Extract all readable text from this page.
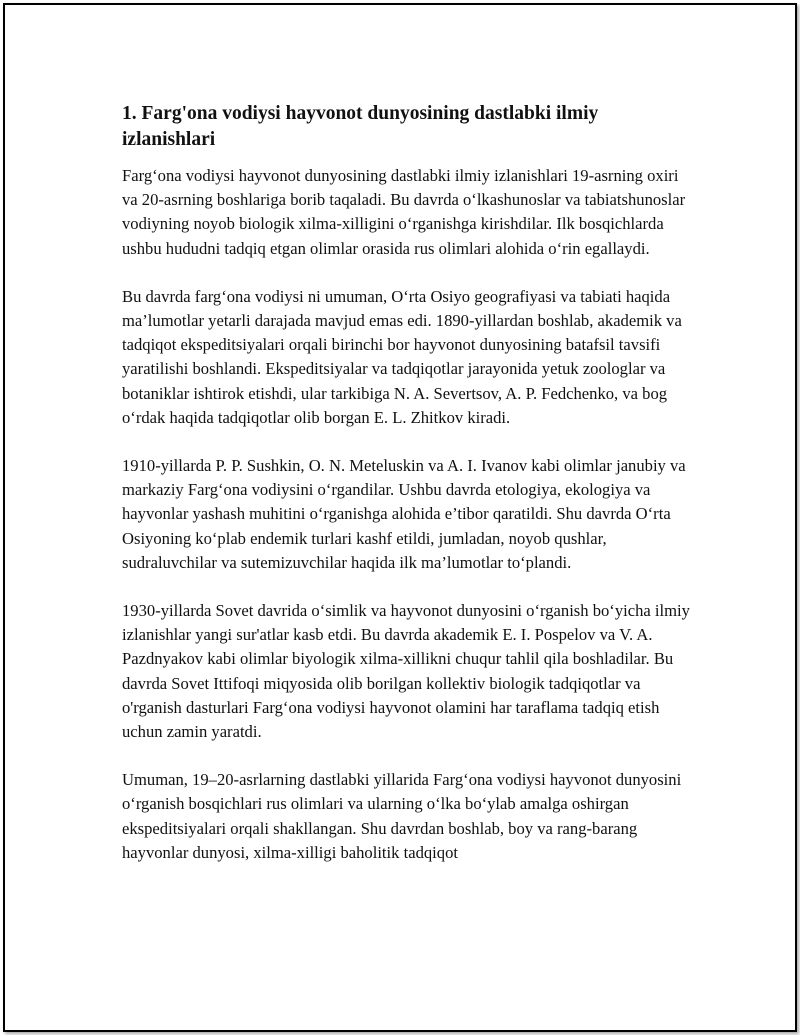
1. Farg'ona vodiysi hayvonot dunyosining dastlabki ilmiy izlanishlari

Farg‘ona vodiysi hayvonot dunyosining dastlabki ilmiy izlanishlari 19-asrning oxiri va 20-asrning boshlariga borib taqaladi. Bu davrda o‘lkashunoslar va tabiatshunoslar vodiyning noyob biologik xilma-xilligini o‘rganishga kirishdilar. Ilk bosqichlarda ushbu hududni tadqiq etgan olimlar orasida rus olimlari alohida o‘rin egallaydi.

Bu davrda farg‘ona vodiysi ni umuman, O‘rta Osiyo geografiyasi va tabiati haqida ma’lumotlar yetarli darajada mavjud emas edi. 1890-yillardan boshlab, akademik va tadqiqot ekspeditsiyalari orqali birinchi bor hayvonot dunyosining batafsil tavsifi yaratilishi boshlandi. Ekspeditsiyalar va tadqiqotlar jarayonida yetuk zoologlar va botaniklar ishtirok etishdi, ular tarkibiga N. A. Severtsov, A. P. Fedchenko, va bog o‘rdak haqida tadqiqotlar olib borgan E. L. Zhitkov kiradi.

1910-yillarda P. P. Sushkin, O. N. Meteluskin va A. I. Ivanov kabi olimlar janubiy va markaziy Farg‘ona vodiysini o‘rgandilar. Ushbu davrda etologiya, ekologiya va hayvonlar yashash muhitini o‘rganishga alohida e’tibor qaratildi. Shu davrda O‘rta Osiyoning ko‘plab endemik turlari kashf etildi, jumladan, noyob qushlar, sudraluvchilar va sutemizuvchilar haqida ilk ma’lumotlar to‘plandi.

1930-yillarda Sovet davrida o‘simlik va hayvonot dunyosini o‘rganish bo‘yicha ilmiy izlanishlar yangi sur'atlar kasb etdi. Bu davrda akademik E. I. Pospelov va V. A. Pazdnyakov kabi olimlar biyologik xilma-xillikni chuqur tahlil qila boshladilar. Bu davrda Sovet Ittifoqi miqyosida olib borilgan kollektiv biologik tadqiqotlar va o'rganish dasturlari Farg‘ona vodiysi hayvonot olamini har taraflama tadqiq etish uchun zamin yaratdi.

Umuman, 19–20-asrlarning dastlabki yillarida Farg‘ona vodiysi hayvonot dunyosini o‘rganish bosqichlari rus olimlari va ularning o‘lka bo‘ylab amalga oshirgan ekspeditsiyalari orqali shakllangan. Shu davrdan boshlab, boy va rang-barang hayvonlar dunyosi, xilma-xilligi baholitik tadqiqot
